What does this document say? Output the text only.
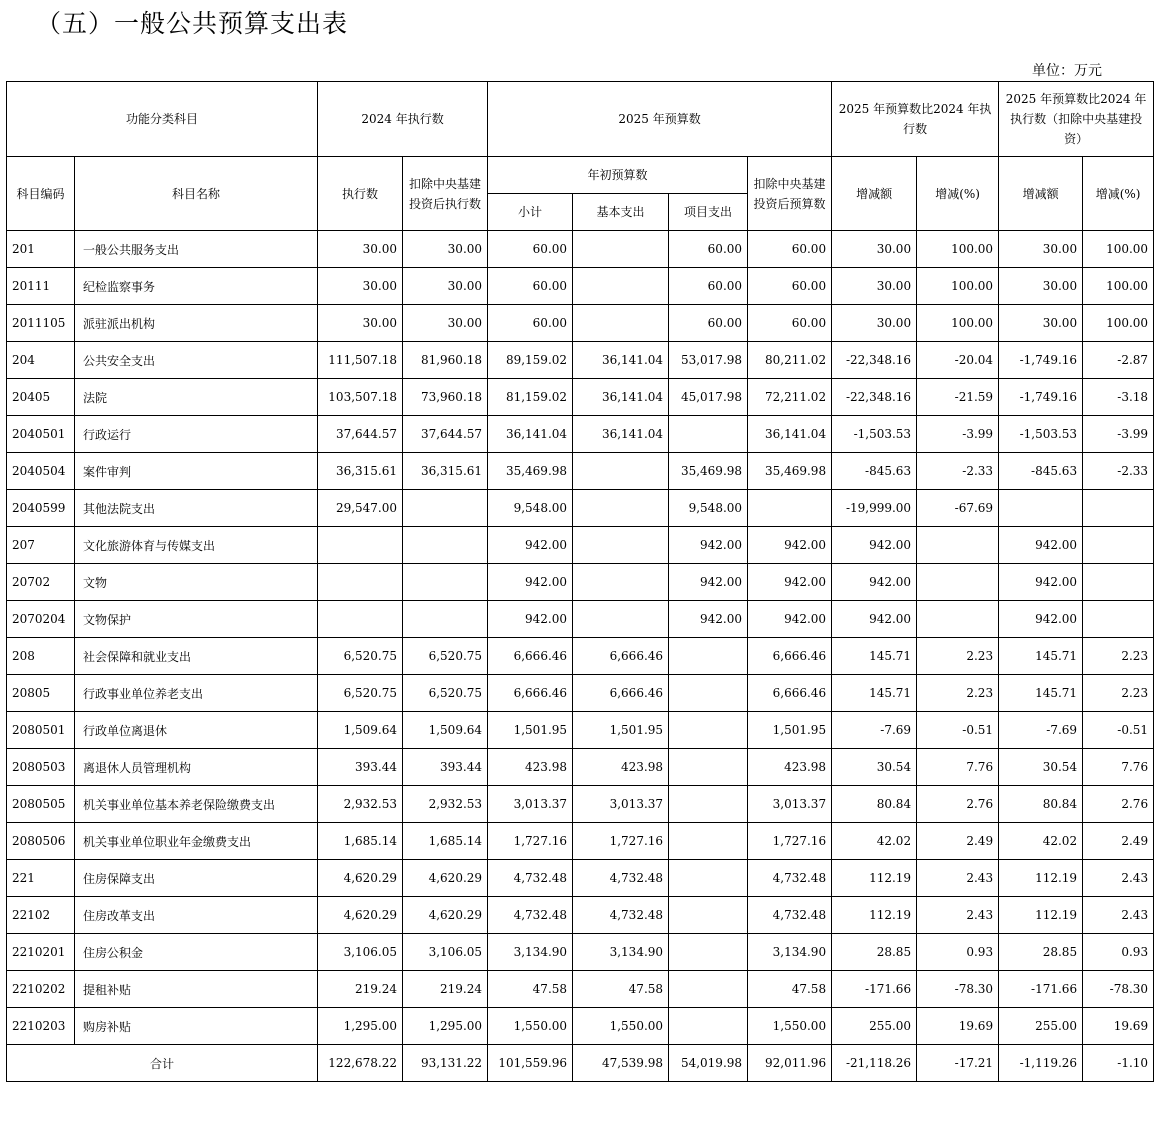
（五）一般公共预算支出表
单位：万元
功能分类科目		2024 年执行数		2025 年预算数				2025 年预算数比2024 年执行数		2025 年预算数比2024 年执行数（扣除中央基建投资）	
科目编码	科目名称	执行数	扣除中央基建投资后执行数	年初预算数			扣除中央基建投资后预算数	增减额	增减(%)	增减额	增减(%)
				小计	基本支出	项目支出					
201	一般公共服务支出	30.00	30.00	60.00		60.00	60.00	30.00	100.00	30.00	100.00
20111	纪检监察事务	30.00	30.00	60.00		60.00	60.00	30.00	100.00	30.00	100.00
2011105	派驻派出机构	30.00	30.00	60.00		60.00	60.00	30.00	100.00	30.00	100.00
204	公共安全支出	111,507.18	81,960.18	89,159.02	36,141.04	53,017.98	80,211.02	-22,348.16	-20.04	-1,749.16	-2.87
20405	法院	103,507.18	73,960.18	81,159.02	36,141.04	45,017.98	72,211.02	-22,348.16	-21.59	-1,749.16	-3.18
2040501	行政运行	37,644.57	37,644.57	36,141.04	36,141.04		36,141.04	-1,503.53	-3.99	-1,503.53	-3.99
2040504	案件审判	36,315.61	36,315.61	35,469.98		35,469.98	35,469.98	-845.63	-2.33	-845.63	-2.33
2040599	其他法院支出	29,547.00		9,548.00		9,548.00		-19,999.00	-67.69		
207	文化旅游体育与传媒支出			942.00		942.00	942.00	942.00		942.00	
20702	文物			942.00		942.00	942.00	942.00		942.00	
2070204	文物保护			942.00		942.00	942.00	942.00		942.00	
208	社会保障和就业支出	6,520.75	6,520.75	6,666.46	6,666.46		6,666.46	145.71	2.23	145.71	2.23
20805	行政事业单位养老支出	6,520.75	6,520.75	6,666.46	6,666.46		6,666.46	145.71	2.23	145.71	2.23
2080501	行政单位离退休	1,509.64	1,509.64	1,501.95	1,501.95		1,501.95	-7.69	-0.51	-7.69	-0.51
2080503	离退休人员管理机构	393.44	393.44	423.98	423.98		423.98	30.54	7.76	30.54	7.76
2080505	机关事业单位基本养老保险缴费支出	2,932.53	2,932.53	3,013.37	3,013.37		3,013.37	80.84	2.76	80.84	2.76
2080506	机关事业单位职业年金缴费支出	1,685.14	1,685.14	1,727.16	1,727.16		1,727.16	42.02	2.49	42.02	2.49
221	住房保障支出	4,620.29	4,620.29	4,732.48	4,732.48		4,732.48	112.19	2.43	112.19	2.43
22102	住房改革支出	4,620.29	4,620.29	4,732.48	4,732.48		4,732.48	112.19	2.43	112.19	2.43
2210201	住房公积金	3,106.05	3,106.05	3,134.90	3,134.90		3,134.90	28.85	0.93	28.85	0.93
2210202	提租补贴	219.24	219.24	47.58	47.58		47.58	-171.66	-78.30	-171.66	-78.30
2210203	购房补贴	1,295.00	1,295.00	1,550.00	1,550.00		1,550.00	255.00	19.69	255.00	19.69
合计		122,678.22	93,131.22	101,559.96	47,539.98	54,019.98	92,011.96	-21,118.26	-17.21	-1,119.26	-1.10
